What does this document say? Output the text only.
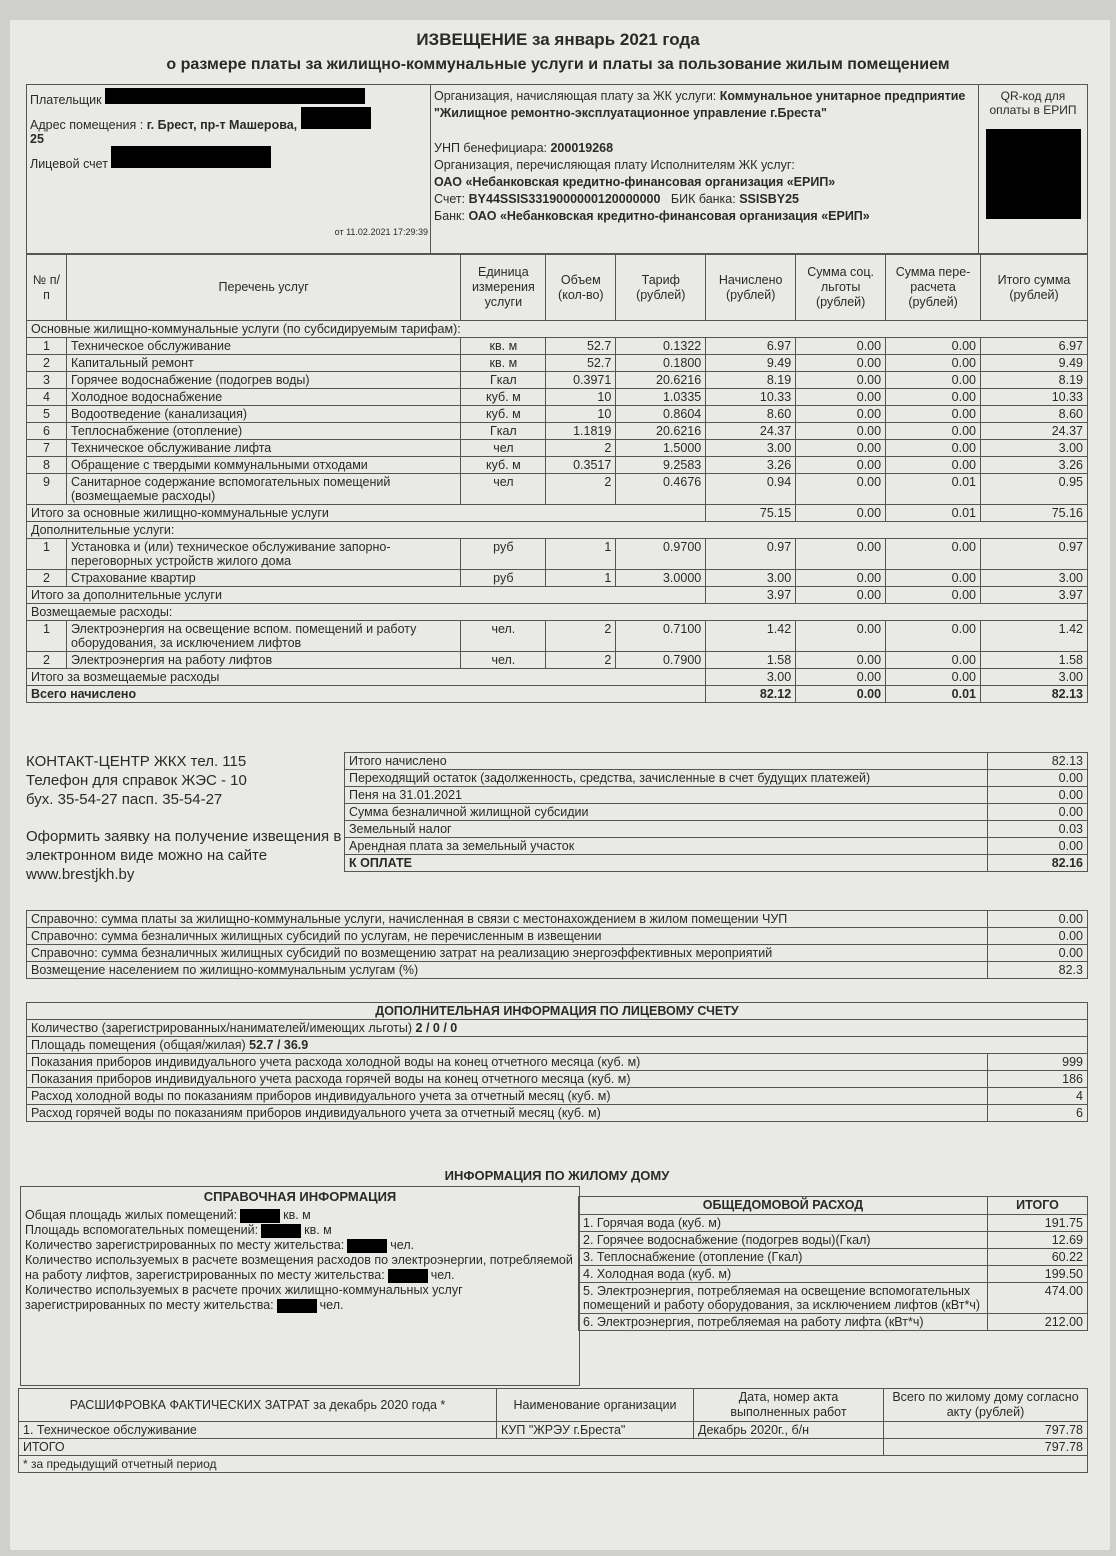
ИЗВЕЩЕНИЕ за январь 2021 года
о размере платы за жилищно-коммунальные услуги и платы за пользование жилым помещением
Плательщик
Адрес помещения : г. Брест, пр-т Машерова,
25
Лицевой счет
от 11.02.2021 17:29:39
Организация, начисляющая плату за ЖК услуги: Коммунальное унитарное предприятие "Жилищное ремонтно-эксплуатационное управление г.Бреста"
УНП бенефициара: 200019268
Организация, перечисляющая плату Исполнителям ЖК услуг:
ОАО «Небанковская кредитно-финансовая организация «ЕРИП»
Счет: BY44SSIS3319000000120000000 БИК банка: SSISBY25
Банк: ОАО «Небанковская кредитно-финансовая организация «ЕРИП»
QR-код для оплаты в ЕРИП
№ п/п	Перечень услуг	Единица измерения услуги	Объем (кол-во)	Тариф (рублей)	Начислено (рублей)	Сумма соц. льготы (рублей)	Сумма пере-расчета (рублей)	Итого сумма (рублей)
Основные жилищно-коммунальные услуги (по субсидируемым тарифам):								
1	Техническое обслуживание	кв. м	52.7	0.1322	6.97	0.00	0.00	6.97
2	Капитальный ремонт	кв. м	52.7	0.1800	9.49	0.00	0.00	9.49
3	Горячее водоснабжение (подогрев воды)	Гкал	0.3971	20.6216	8.19	0.00	0.00	8.19
4	Холодное водоснабжение	куб. м	10	1.0335	10.33	0.00	0.00	10.33
5	Водоотведение (канализация)	куб. м	10	0.8604	8.60	0.00	0.00	8.60
6	Теплоснабжение (отопление)	Гкал	1.1819	20.6216	24.37	0.00	0.00	24.37
7	Техническое обслуживание лифта	чел	2	1.5000	3.00	0.00	0.00	3.00
8	Обращение с твердыми коммунальными отходами	куб. м	0.3517	9.2583	3.26	0.00	0.00	3.26
9	Санитарное содержание вспомогательных помещений (возмещаемые расходы)	чел	2	0.4676	0.94	0.00	0.01	0.95
Итого за основные жилищно-коммунальные услуги					75.15	0.00	0.01	75.16
Дополнительные услуги:								
1	Установка и (или) техническое обслуживание запорно-переговорных устройств жилого дома	руб	1	0.9700	0.97	0.00	0.00	0.97
2	Страхование квартир	руб	1	3.0000	3.00	0.00	0.00	3.00
Итого за дополнительные услуги					3.97	0.00	0.00	3.97
Возмещаемые расходы:								
1	Электроэнергия на освещение вспом. помещений и работу оборудования, за исключением лифтов	чел.	2	0.7100	1.42	0.00	0.00	1.42
2	Электроэнергия на работу лифтов	чел.	2	0.7900	1.58	0.00	0.00	1.58
Итого за возмещаемые расходы					3.00	0.00	0.00	3.00
Всего начислено					82.12	0.00	0.01	82.13
КОНТАКТ-ЦЕНТР ЖКХ тел. 115
Телефон для справок ЖЭС - 10
бух. 35-54-27 пасп. 35-54-27
Оформить заявку на получение извещения в электронном виде можно на сайте www.brestjkh.by
Итого начислено	82.13
Переходящий остаток (задолженность, средства, зачисленные в счет будущих платежей)	0.00
Пеня на 31.01.2021	0.00
Сумма безналичной жилищной субсидии	0.00
Земельный налог	0.03
Арендная плата за земельный участок	0.00
К ОПЛАТЕ	82.16
Справочно: сумма платы за жилищно-коммунальные услуги, начисленная в связи с местонахождением в жилом помещении ЧУП	0.00
Справочно: сумма безналичных жилищных субсидий по услугам, не перечисленным в извещении	0.00
Справочно: сумма безналичных жилищных субсидий по возмещению затрат на реализацию энергоэффективных мероприятий	0.00
Возмещение населением по жилищно-коммунальным услугам (%)	82.3
ДОПОЛНИТЕЛЬНАЯ ИНФОРМАЦИЯ ПО ЛИЦЕВОМУ СЧЕТУ	
Количество (зарегистрированных/нанимателей/имеющих льготы) 2 / 0 / 0	
Площадь помещения (общая/жилая) 52.7 / 36.9	
Показания приборов индивидуального учета расхода холодной воды на конец отчетного месяца (куб. м)	999
Показания приборов индивидуального учета расхода горячей воды на конец отчетного месяца (куб. м)	186
Расход холодной воды по показаниям приборов индивидуального учета за отчетный месяц (куб. м)	4
Расход горячей воды по показаниям приборов индивидуального учета за отчетный месяц (куб. м)	6
ИНФОРМАЦИЯ ПО ЖИЛОМУ ДОМУ
СПРАВОЧНАЯ ИНФОРМАЦИЯ
Общая площадь жилых помещений:	кв. м
Площадь вспомогательных помещений:	кв. м
Количество зарегистрированных по месту жительства:	чел.
Количество используемых в расчете возмещения расходов по электроэнергии, потребляемой на работу лифтов, зарегистрированных по месту жительства:	чел.
Количество используемых в расчете прочих жилищно-коммунальных услуг зарегистрированных по месту жительства:	чел.
ОБЩЕДОМОВОЙ РАСХОД	ИТОГО
1. Горячая вода (куб. м)	191.75
2. Горячее водоснабжение (подогрев воды)(Гкал)	12.69
3. Теплоснабжение (отопление (Гкал)	60.22
4. Холодная вода (куб. м)	199.50
5. Электроэнергия, потребляемая на освещение вспомогательных помещений и работу оборудования, за исключением лифтов (кВт*ч)	474.00
6. Электроэнергия, потребляемая на работу лифта (кВт*ч)	212.00
РАСШИФРОВКА ФАКТИЧЕСКИХ ЗАТРАТ за декабрь 2020 года *	Наименование организации	Дата, номер акта выполненных работ	Всего по жилому дому согласно акту (рублей)
1. Техническое обслуживание	КУП "ЖРЭУ г.Бреста"	Декабрь 2020г., б/н	797.78
ИТОГО			797.78
* за предыдущий отчетный период			
